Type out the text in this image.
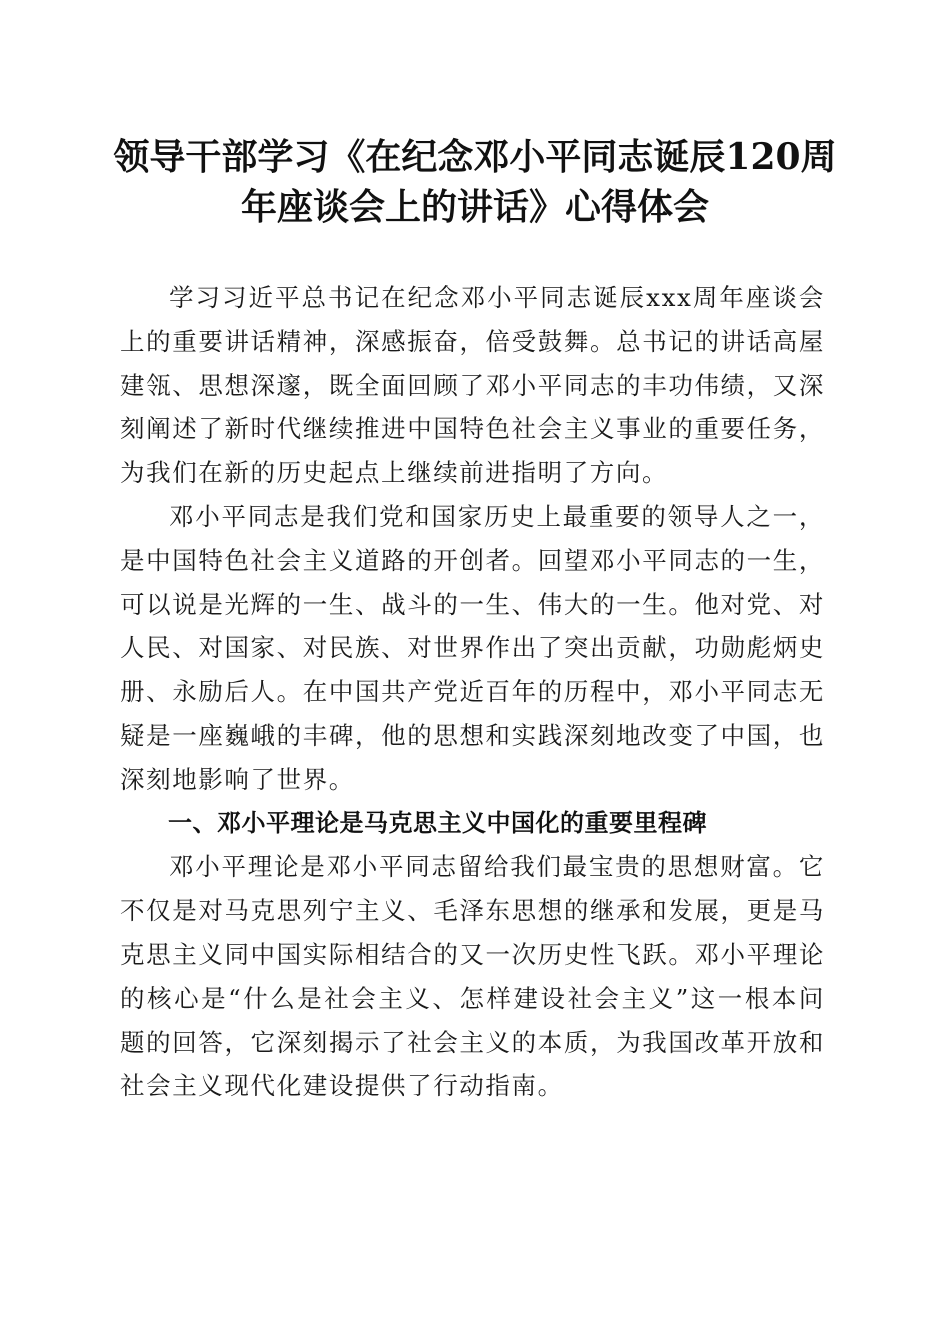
领导干部学习《在纪念邓小平同志诞辰120周
年座谈会上的讲话》心得体会

学习习近平总书记在纪念邓小平同志诞辰xxx周年座谈会上的重要讲话精神，深感振奋，倍受鼓舞。总书记的讲话高屋建瓴、思想深邃，既全面回顾了邓小平同志的丰功伟绩，又深刻阐述了新时代继续推进中国特色社会主义事业的重要任务，为我们在新的历史起点上继续前进指明了方向。

邓小平同志是我们党和国家历史上最重要的领导人之一，是中国特色社会主义道路的开创者。回望邓小平同志的一生，可以说是光辉的一生、战斗的一生、伟大的一生。他对党、对人民、对国家、对民族、对世界作出了突出贡献，功勋彪炳史册、永励后人。在中国共产党近百年的历程中，邓小平同志无疑是一座巍峨的丰碑，他的思想和实践深刻地改变了中国，也深刻地影响了世界。

一、邓小平理论是马克思主义中国化的重要里程碑

邓小平理论是邓小平同志留给我们最宝贵的思想财富。它不仅是对马克思列宁主义、毛泽东思想的继承和发展，更是马克思主义同中国实际相结合的又一次历史性飞跃。邓小平理论的核心是“什么是社会主义、怎样建设社会主义”这一根本问题的回答，它深刻揭示了社会主义的本质，为我国改革开放和社会主义现代化建设提供了行动指南。
